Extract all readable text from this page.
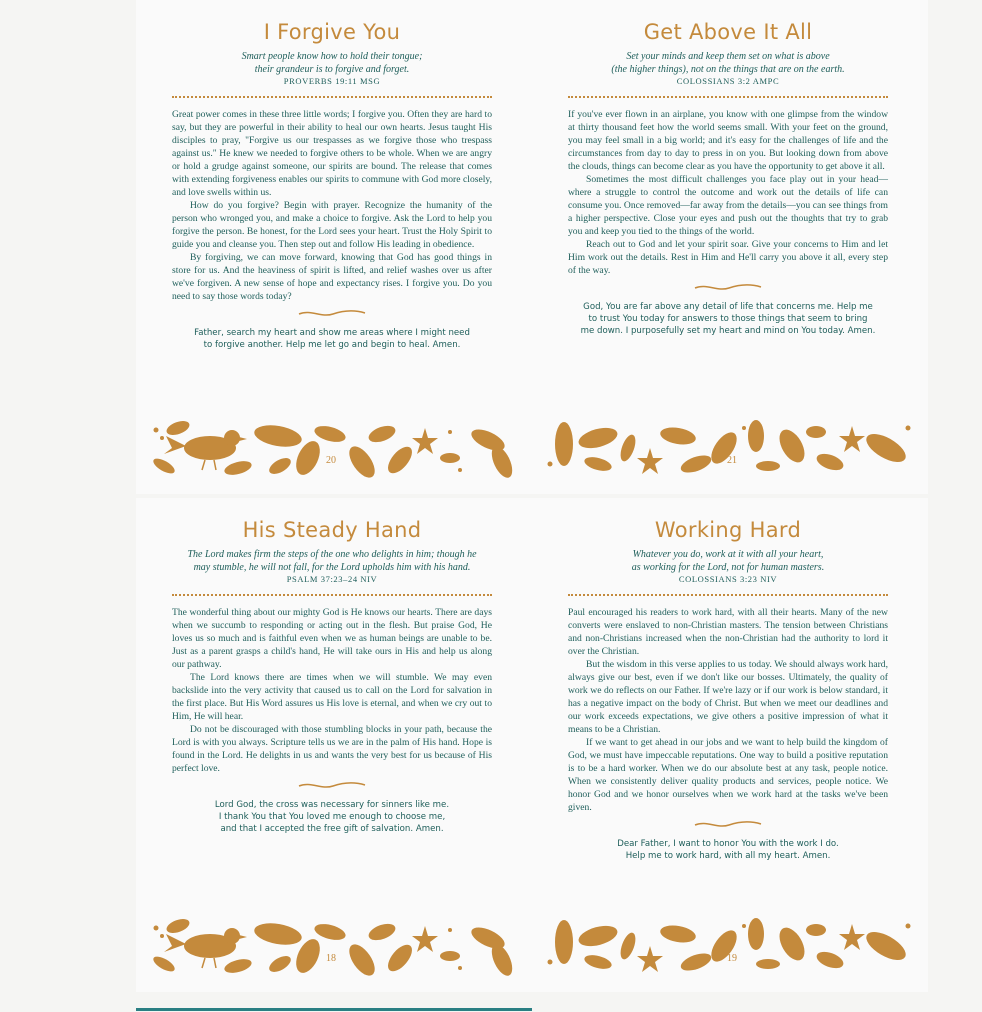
I Forgive You
Smart people know how to hold their tongue;
their grandeur is to forgive and forget.
PROVERBS 19:11 MSG

Great power comes in these three little words; I forgive you. Often they are hard to say, but they are powerful in their ability to heal our own hearts. Jesus taught His disciples to pray, "Forgive us our trespasses as we forgive those who trespass against us." He knew we needed to forgive others to be whole. When we are angry or hold a grudge against someone, our spirits are bound. The release that comes with extending forgiveness enables our spirits to commune with God more closely, and love swells within us.

How do you forgive? Begin with prayer. Recognize the humanity of the person who wronged you, and make a choice to forgive. Ask the Lord to help you forgive the person. Be honest, for the Lord sees your heart. Trust the Holy Spirit to guide you and cleanse you. Then step out and follow His leading in obedience.

By forgiving, we can move forward, knowing that God has good things in store for us. And the heaviness of spirit is lifted, and relief washes over us after we've forgiven. A new sense of hope and expectancy rises. I forgive you. Do you need to say those words today?

Father, search my heart and show me areas where I might need
to forgive another. Help me let go and begin to heal. Amen.
20
Get Above It All
Set your minds and keep them set on what is above
(the higher things), not on the things that are on the earth.
COLOSSIANS 3:2 AMPC

If you've ever flown in an airplane, you know with one glimpse from the window at thirty thousand feet how the world seems small. With your feet on the ground, you may feel small in a big world; and it's easy for the challenges of life and the circumstances from day to day to press in on you. But looking down from above the clouds, things can become clear as you have the opportunity to get above it all.

Sometimes the most difficult challenges you face play out in your head—where a struggle to control the outcome and work out the details of life can consume you. Once removed—far away from the details—you can see things from a higher perspective. Close your eyes and push out the thoughts that try to grab you and keep you tied to the things of the world.

Reach out to God and let your spirit soar. Give your concerns to Him and let Him work out the details. Rest in Him and He'll carry you above it all, every step of the way.

God, You are far above any detail of life that concerns me. Help me
to trust You today for answers to those things that seem to bring
me down. I purposefully set my heart and mind on You today. Amen.
21
His Steady Hand
The Lord makes firm the steps of the one who delights in him; though he
may stumble, he will not fall, for the Lord upholds him with his hand.
PSALM 37:23–24 NIV

The wonderful thing about our mighty God is He knows our hearts. There are days when we succumb to responding or acting out in the flesh. But praise God, He loves us so much and is faithful even when we as human beings are unable to be. Just as a parent grasps a child's hand, He will take ours in His and help us along our pathway.

The Lord knows there are times when we will stumble. We may even backslide into the very activity that caused us to call on the Lord for salvation in the first place. But His Word assures us His love is eternal, and when we cry out to Him, He will hear.

Do not be discouraged with those stumbling blocks in your path, because the Lord is with you always. Scripture tells us we are in the palm of His hand. Hope is found in the Lord. He delights in us and wants the very best for us because of His perfect love.

Lord God, the cross was necessary for sinners like me.
I thank You that You loved me enough to choose me,
and that I accepted the free gift of salvation. Amen.
18
Working Hard
Whatever you do, work at it with all your heart,
as working for the Lord, not for human masters.
COLOSSIANS 3:23 NIV

Paul encouraged his readers to work hard, with all their hearts. Many of the new converts were enslaved to non-Christian masters. The tension between Christians and non-Christians increased when the non-Christian had the authority to lord it over the Christian.

But the wisdom in this verse applies to us today. We should always work hard, always give our best, even if we don't like our bosses. Ultimately, the quality of work we do reflects on our Father. If we're lazy or if our work is below standard, it has a negative impact on the body of Christ. But when we meet our deadlines and our work exceeds expectations, we give others a positive impression of what it means to be a Christian.

If we want to get ahead in our jobs and we want to help build the kingdom of God, we must have impeccable reputations. One way to build a positive reputation is to be a hard worker. When we do our absolute best at any task, people notice. When we consistently deliver quality products and services, people notice. We honor God and we honor ourselves when we work hard at the tasks we've been given.

Dear Father, I want to honor You with the work I do.
Help me to work hard, with all my heart. Amen.
19
